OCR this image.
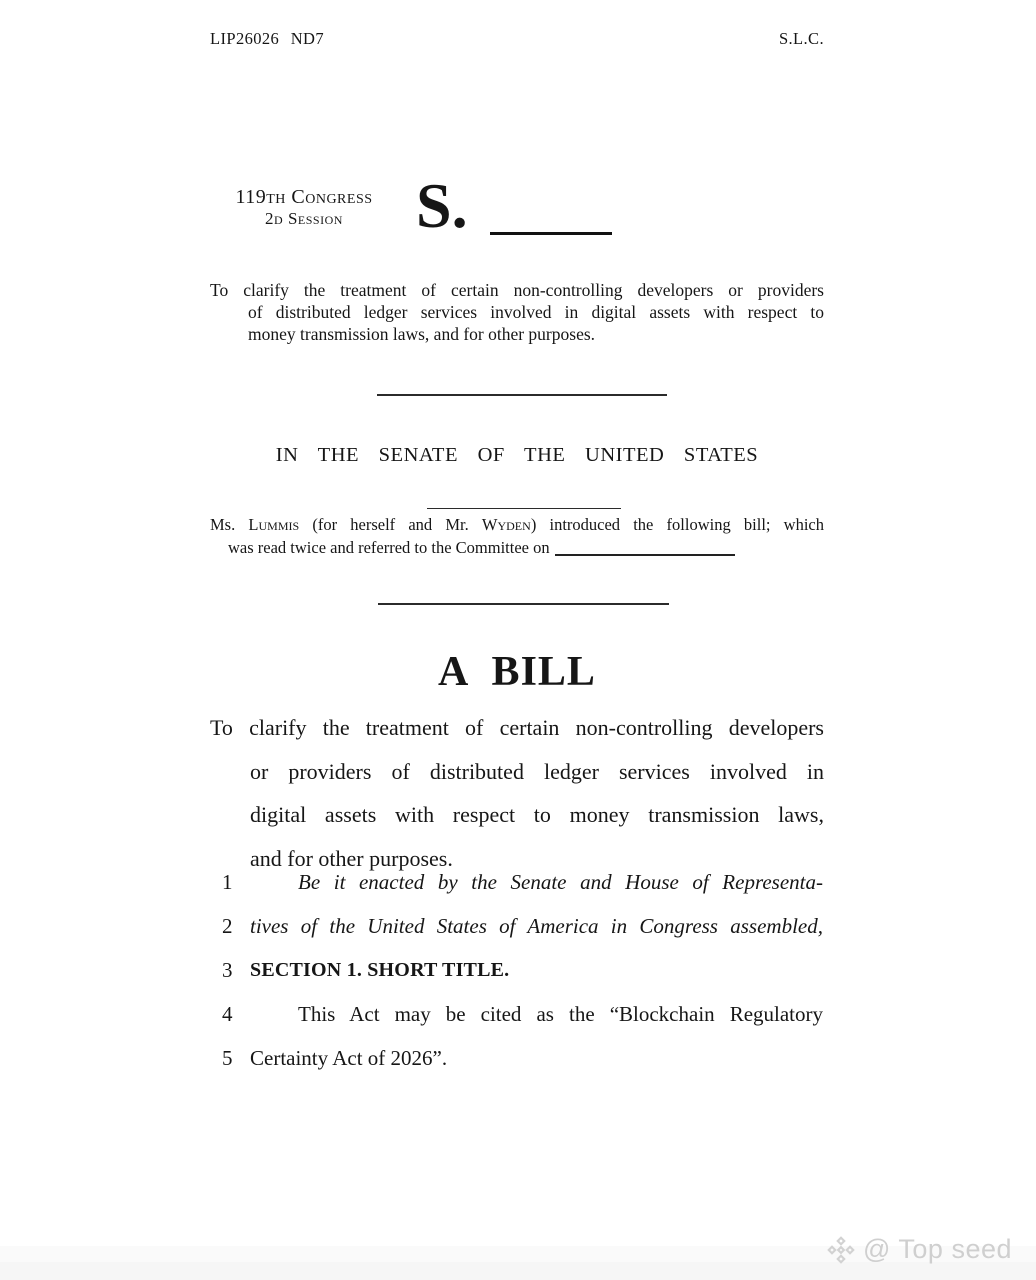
LIP26026 ND7	S.L.C.
119th Congress
2d Session	S.
To clarify the treatment of certain non-controlling developers or providers
of distributed ledger services involved in digital assets with respect to
money transmission laws, and for other purposes.
IN THE SENATE OF THE UNITED STATES
Ms. Lummis (for herself and Mr. Wyden) introduced the following bill; which
was read twice and referred to the Committee on
A BILL
To clarify the treatment of certain non-controlling developers
or providers of distributed ledger services involved in
digital assets with respect to money transmission laws,
and for other purposes.
1	Be it enacted by the Senate and House of Representa-
2 tives of the United States of America in Congress assembled,
3 SECTION 1. SHORT TITLE.
4	This Act may be cited as the “Blockchain Regulatory
5 Certainty Act of 2026”.
@ Top seed
